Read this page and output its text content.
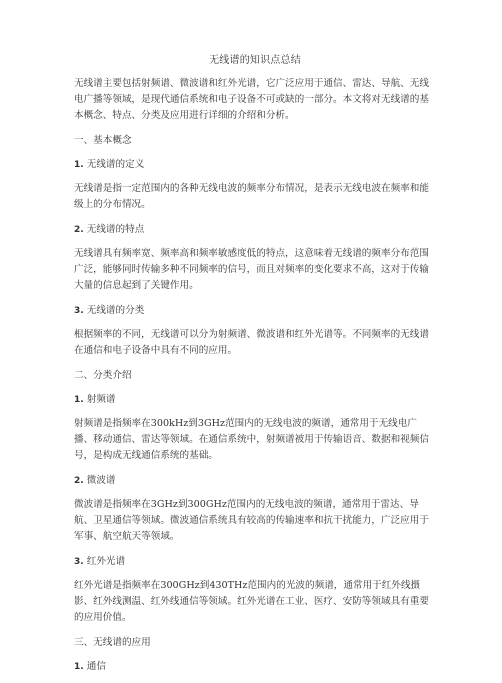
无线谱的知识点总结
无线谱主要包括射频谱、微波谱和红外光谱，它广泛应用于通信、雷达、导航、无线电广播等领域，是现代通信系统和电子设备不可或缺的一部分。本文将对无线谱的基本概念、特点、分类及应用进行详细的介绍和分析。
一、基本概念
1. 无线谱的定义
无线谱是指一定范围内的各种无线电波的频率分布情况，是表示无线电波在频率和能级上的分布情况。
2. 无线谱的特点
无线谱具有频率宽、频率高和频率敏感度低的特点，这意味着无线谱的频率分布范围广泛，能够同时传输多种不同频率的信号，而且对频率的变化要求不高，这对于传输大量的信息起到了关键作用。
3. 无线谱的分类
根据频率的不同，无线谱可以分为射频谱、微波谱和红外光谱等。不同频率的无线谱在通信和电子设备中具有不同的应用。
二、分类介绍
1. 射频谱
射频谱是指频率在300kHz到3GHz范围内的无线电波的频谱，通常用于无线电广播、移动通信、雷达等领域。在通信系统中，射频谱被用于传输语音、数据和视频信号，是构成无线通信系统的基础。
2. 微波谱
微波谱是指频率在3GHz到300GHz范围内的无线电波的频谱，通常用于雷达、导航、卫星通信等领域。微波通信系统具有较高的传输速率和抗干扰能力，广泛应用于军事、航空航天等领域。
3. 红外光谱
红外光谱是指频率在300GHz到430THz范围内的光波的频谱，通常用于红外线摄影、红外线测温、红外线通信等领域。红外光谱在工业、医疗、安防等领域具有重要的应用价值。
三、无线谱的应用
1. 通信
